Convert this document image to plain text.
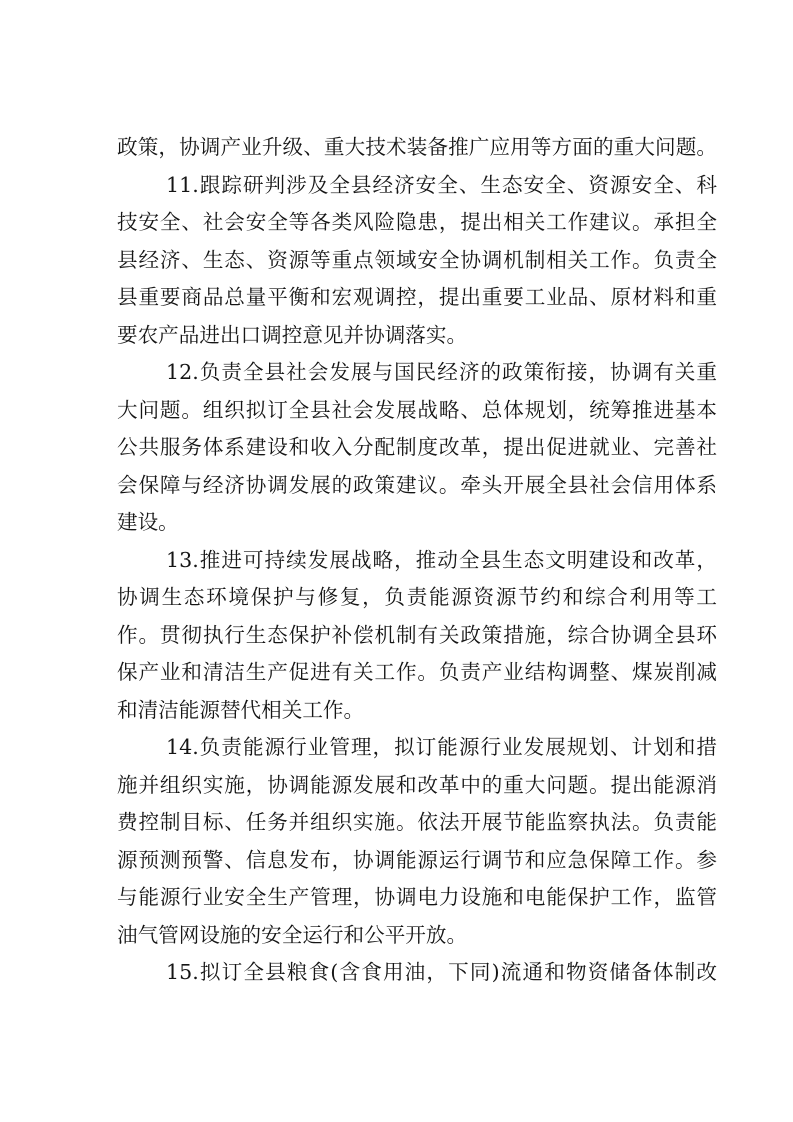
政策，协调产业升级、重大技术装备推广应用等方面的重大问题。
11.跟踪研判涉及全县经济安全、生态安全、资源安全、科
技安全、社会安全等各类风险隐患，提出相关工作建议。承担全
县经济、生态、资源等重点领域安全协调机制相关工作。负责全
县重要商品总量平衡和宏观调控，提出重要工业品、原材料和重
要农产品进出口调控意见并协调落实。
12.负责全县社会发展与国民经济的政策衔接，协调有关重
大问题。组织拟订全县社会发展战略、总体规划，统筹推进基本
公共服务体系建设和收入分配制度改革，提出促进就业、完善社
会保障与经济协调发展的政策建议。牵头开展全县社会信用体系
建设。
13.推进可持续发展战略，推动全县生态文明建设和改革，
协调生态环境保护与修复，负责能源资源节约和综合利用等工
作。贯彻执行生态保护补偿机制有关政策措施，综合协调全县环
保产业和清洁生产促进有关工作。负责产业结构调整、煤炭削减
和清洁能源替代相关工作。
14.负责能源行业管理，拟订能源行业发展规划、计划和措
施并组织实施，协调能源发展和改革中的重大问题。提出能源消
费控制目标、任务并组织实施。依法开展节能监察执法。负责能
源预测预警、信息发布，协调能源运行调节和应急保障工作。参
与能源行业安全生产管理，协调电力设施和电能保护工作，监管
油气管网设施的安全运行和公平开放。
15.拟订全县粮食(含食用油，下同)流通和物资储备体制改
